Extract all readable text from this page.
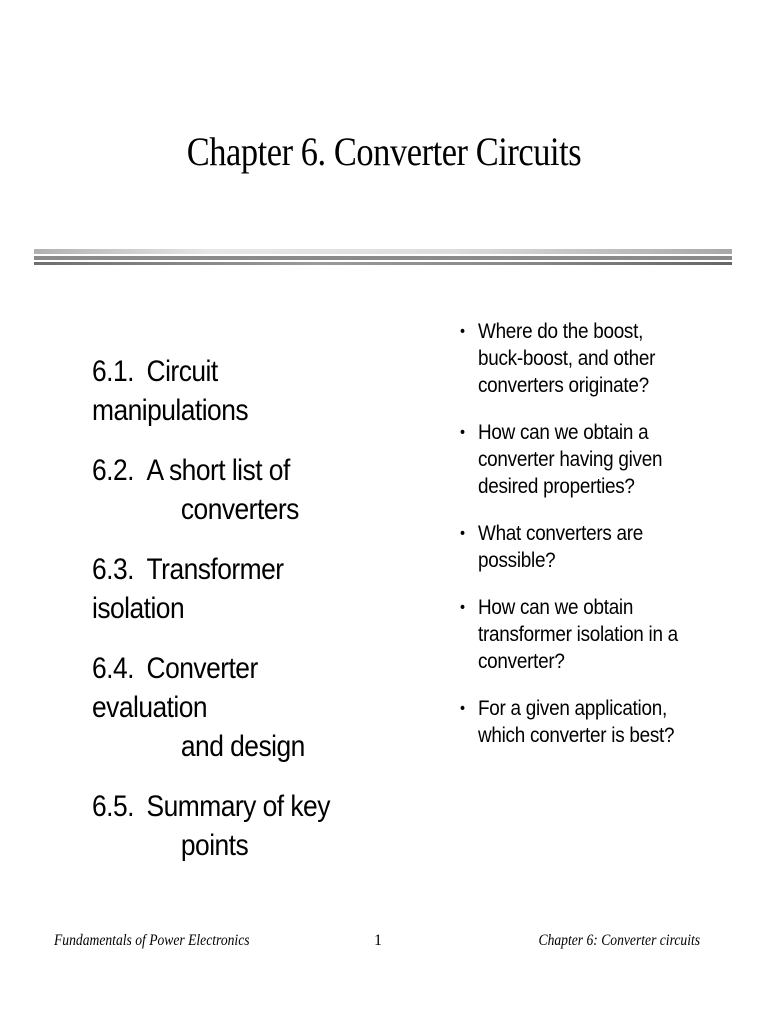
Chapter 6. Converter Circuits
6.1. Circuit manipulations
6.2. A short list of
converters
6.3. Transformer isolation
6.4. Converter evaluation
and design
6.5. Summary of key
points
• Where do the boost, buck-boost, and other converters originate?
• How can we obtain a converter having given desired properties?
• What converters are possible?
• How can we obtain transformer isolation in a converter?
• For a given application, which converter is best?
Fundamentals of Power Electronics	1	Chapter 6: Converter circuits
